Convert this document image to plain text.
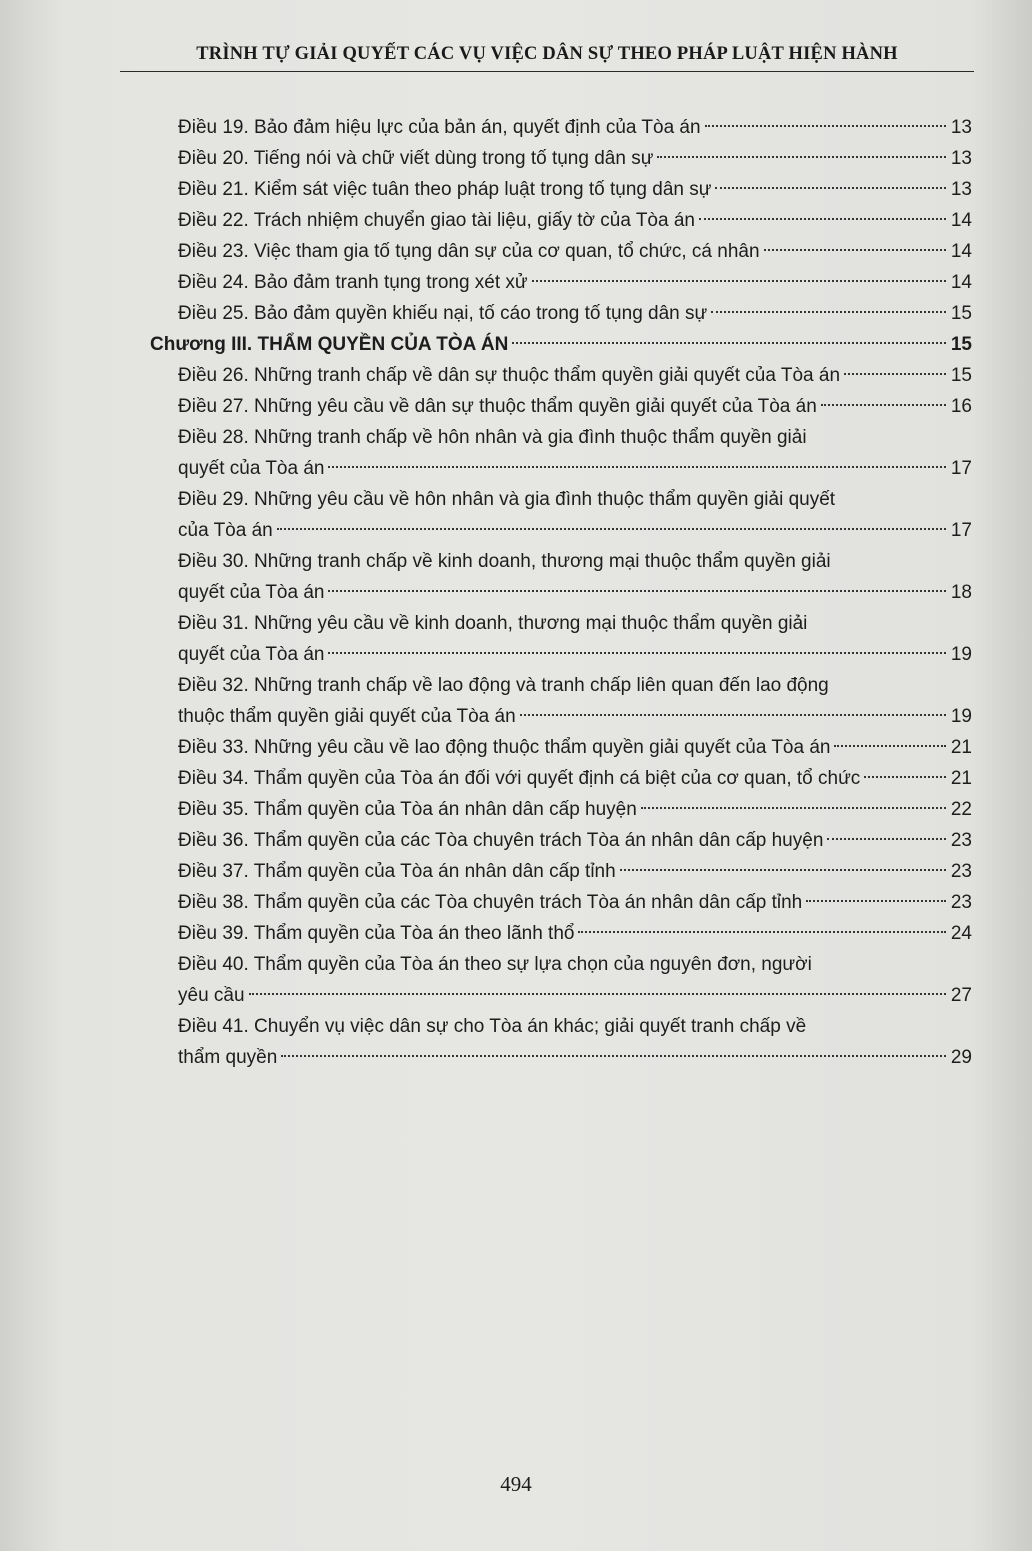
TRÌNH TỰ GIẢI QUYẾT CÁC VỤ VIỆC DÂN SỰ THEO PHÁP LUẬT HIỆN HÀNH
Điều 19. Bảo đảm hiệu lực của bản án, quyết định của Tòa án	13
Điều 20. Tiếng nói và chữ viết dùng trong tố tụng dân sự	13
Điều 21. Kiểm sát việc tuân theo pháp luật trong tố tụng dân sự	13
Điều 22. Trách nhiệm chuyển giao tài liệu, giấy tờ của Tòa án	14
Điều 23. Việc tham gia tố tụng dân sự của cơ quan, tổ chức, cá nhân	14
Điều 24. Bảo đảm tranh tụng trong xét xử	14
Điều 25. Bảo đảm quyền khiếu nại, tố cáo trong tố tụng dân sự	15
Chương III. THẨM QUYỀN CỦA TÒA ÁN	15
Điều 26. Những tranh chấp về dân sự thuộc thẩm quyền giải quyết của Tòa án	15
Điều 27. Những yêu cầu về dân sự thuộc thẩm quyền giải quyết của Tòa án	16
Điều 28. Những tranh chấp về hôn nhân và gia đình thuộc thẩm quyền giải
quyết của Tòa án	17
Điều 29. Những yêu cầu về hôn nhân và gia đình thuộc thẩm quyền giải quyết
của Tòa án	17
Điều 30. Những tranh chấp về kinh doanh, thương mại thuộc thẩm quyền giải
quyết của Tòa án	18
Điều 31. Những yêu cầu về kinh doanh, thương mại thuộc thẩm quyền giải
quyết của Tòa án	19
Điều 32. Những tranh chấp về lao động và tranh chấp liên quan đến lao động
thuộc thẩm quyền giải quyết của Tòa án	19
Điều 33. Những yêu cầu về lao động thuộc thẩm quyền giải quyết của Tòa án	21
Điều 34. Thẩm quyền của Tòa án đối với quyết định cá biệt của cơ quan, tổ chức	21
Điều 35. Thẩm quyền của Tòa án nhân dân cấp huyện	22
Điều 36. Thẩm quyền của các Tòa chuyên trách Tòa án nhân dân cấp huyện	23
Điều 37. Thẩm quyền của Tòa án nhân dân cấp tỉnh	23
Điều 38. Thẩm quyền của các Tòa chuyên trách Tòa án nhân dân cấp tỉnh	23
Điều 39. Thẩm quyền của Tòa án theo lãnh thổ	24
Điều 40. Thẩm quyền của Tòa án theo sự lựa chọn của nguyên đơn, người
yêu cầu	27
Điều 41. Chuyển vụ việc dân sự cho Tòa án khác; giải quyết tranh chấp về
thẩm quyền	29
494
